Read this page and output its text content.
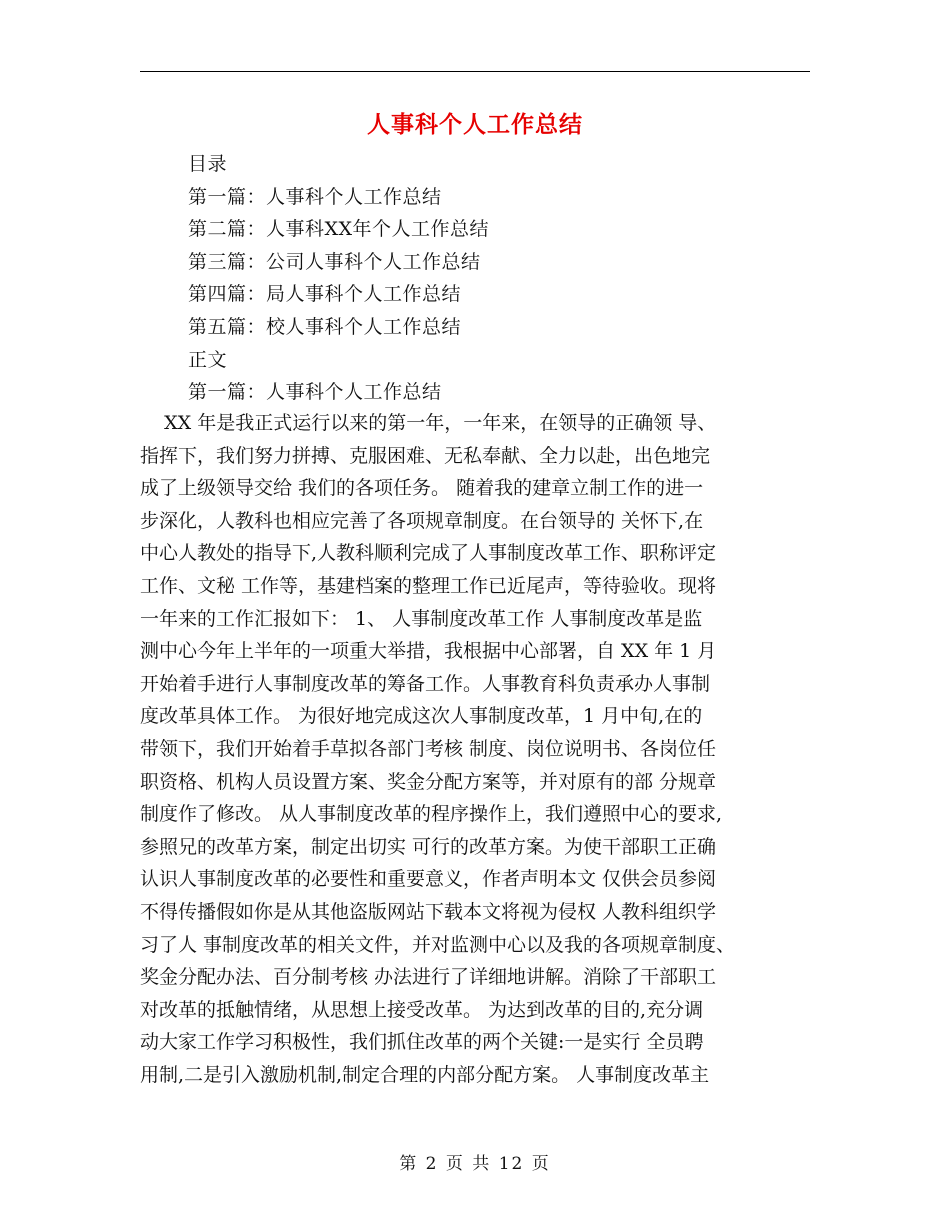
人事科个人工作总结
目录
第一篇：人事科个人工作总结
第二篇：人事科XX年个人工作总结
第三篇：公司人事科个人工作总结
第四篇：局人事科个人工作总结
第五篇：校人事科个人工作总结
正文
第一篇：人事科个人工作总结
XX 年是我正式运行以来的第一年，一年来，在领导的正确领 导、
指挥下，我们努力拼搏、克服困难、无私奉献、全力以赴，出色地完
成了上级领导交给 我们的各项任务。 随着我的建章立制工作的进一
步深化，人教科也相应完善了各项规章制度。在台领导的 关怀下,在
中心人教处的指导下,人教科顺利完成了人事制度改革工作、职称评定
工作、文秘 工作等，基建档案的整理工作已近尾声，等待验收。现将
一年来的工作汇报如下： 1、 人事制度改革工作 人事制度改革是监
测中心今年上半年的一项重大举措，我根据中心部署，自 XX 年 1 月
开始着手进行人事制度改革的筹备工作。人事教育科负责承办人事制
度改革具体工作。 为很好地完成这次人事制度改革，1 月中旬,在的
带领下，我们开始着手草拟各部门考核 制度、岗位说明书、各岗位任
职资格、机构人员设置方案、奖金分配方案等，并对原有的部 分规章
制度作了修改。 从人事制度改革的程序操作上，我们遵照中心的要求,
参照兄的改革方案，制定出切实 可行的改革方案。为使干部职工正确
认识人事制度改革的必要性和重要意义，作者声明本文 仅供会员参阅
不得传播假如你是从其他盗版网站下载本文将视为侵权 人教科组织学
习了人 事制度改革的相关文件，并对监测中心以及我的各项规章制度、
奖金分配办法、百分制考核 办法进行了详细地讲解。消除了干部职工
对改革的抵触情绪，从思想上接受改革。 为达到改革的目的,充分调
动大家工作学习积极性，我们抓住改革的两个关键:一是实行 全员聘
用制,二是引入激励机制,制定合理的内部分配方案。 人事制度改革主
第 2 页 共 12 页
